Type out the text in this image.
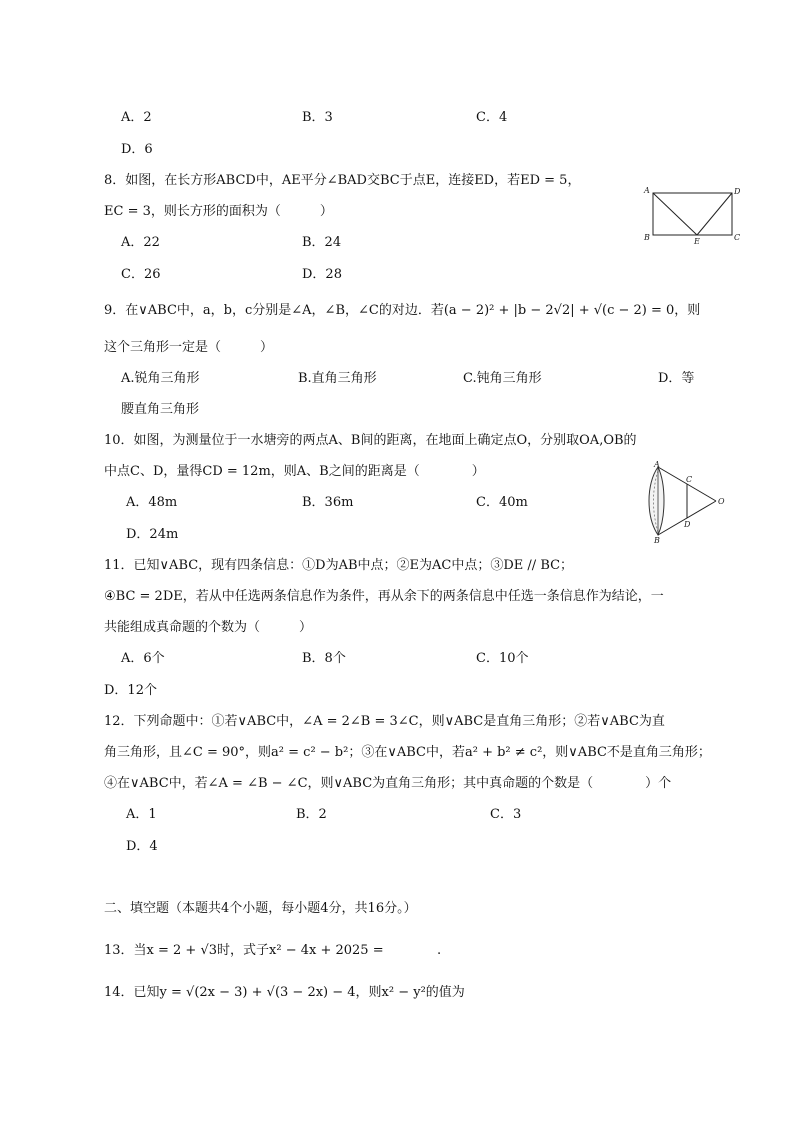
A．2	B．3	C．4
D．6
8．如图，在长方形ABCD中，AE平分∠BAD交BC于点E，连接ED，若ED = 5，
EC = 3，则长方形的面积为（　　　）
A．22	B．24
C．26	D．28
A	D
B	E	C
9．在∨ABC中，a，b，c分别是∠A，∠B，∠C的对边．若(a − 2)² + |b − 2√2| + √(c − 2) = 0，则
这个三角形一定是（　　　）
A.锐角三角形	B.直角三角形	C.钝角三角形	D．等
腰直角三角形
10．如图，为测量位于一水塘旁的两点A、B间的距离，在地面上确定点O，分别取OA,OB的
中点C、D，量得CD = 12m，则A、B之间的距离是（　　　　）
A．48m	B．36m	C．40m
D．24m
A
B
C
D
O
11．已知∨ABC，现有四条信息：①D为AB中点；②E为AC中点；③DE // BC；
④BC = 2DE，若从中任选两条信息作为条件，再从余下的两条信息中任选一条信息作为结论，一
共能组成真命题的个数为（　　　）
A．6个	B．8个	C．10个
D．12个
12．下列命题中：①若∨ABC中，∠A = 2∠B = 3∠C，则∨ABC是直角三角形；②若∨ABC为直
角三角形，且∠C = 90°，则a² = c² − b²；③在∨ABC中，若a² + b² ≠ c²，则∨ABC不是直角三角形；
④在∨ABC中，若∠A = ∠B − ∠C，则∨ABC为直角三角形；其中真命题的个数是（　　　　）个
A．1	B．2	C．3
D．4
二、填空题（本题共4个小题，每小题4分，共16分。）
13．当x = 2 + √3时，式子x² − 4x + 2025 =	.
14．已知y = √(2x − 3) + √(3 − 2x) − 4，则x² − y²的值为
